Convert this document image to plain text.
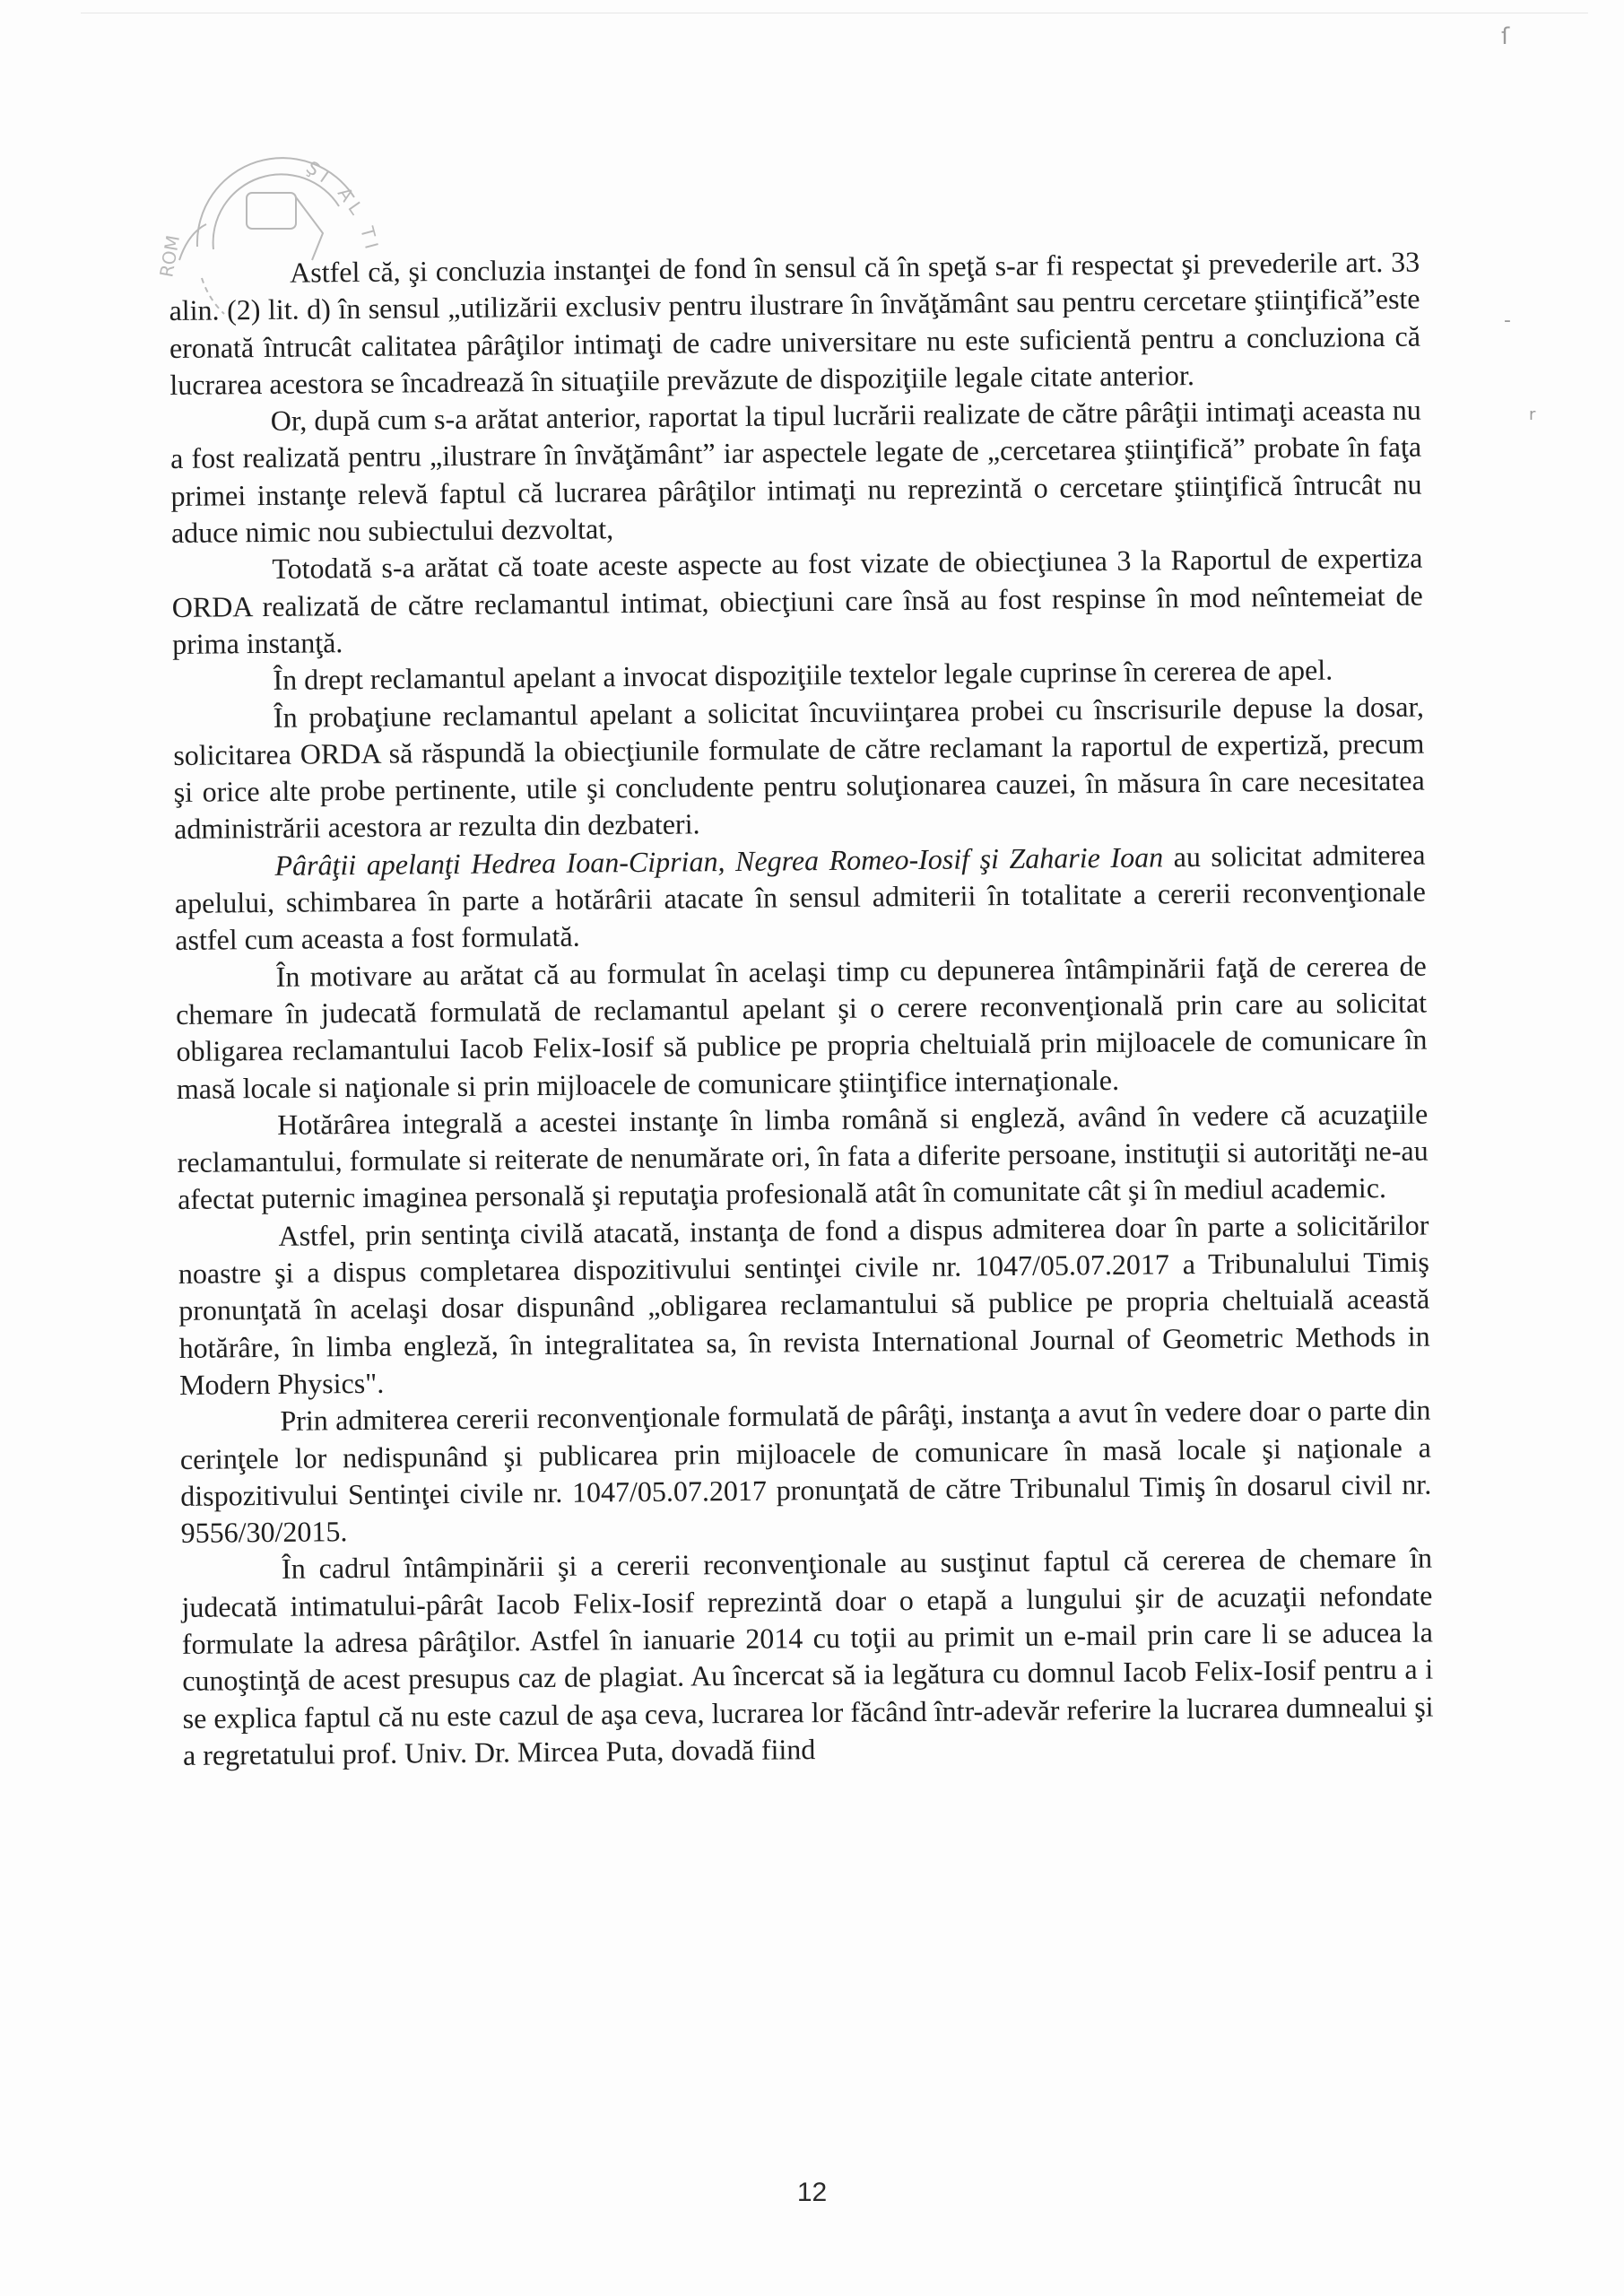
ſ
-
r
Ş I
A L
T I
ROM	Astfel că, şi concluzia instanţei de fond în sensul că în speţă s-ar fi respectat şi prevederile art. 33 alin. (2) lit. d) în sensul „utilizării exclusiv pentru ilustrare în învăţământ sau pentru cercetare ştiinţifică”este eronată întrucât calitatea pârâţilor intimaţi de cadre universitare nu este suficientă pentru a concluziona că lucrarea acestora se încadrează în situaţiile prevăzute de dispoziţiile legale citate anterior.

Or, după cum s-a arătat anterior, raportat la tipul lucrării realizate de către pârâţii intimaţi aceasta nu a fost realizată pentru „ilustrare în învăţământ” iar aspectele legate de „cercetarea ştiinţifică” probate în faţa primei instanţe relevă faptul că lucrarea pârâţilor intimaţi nu reprezintă o cercetare ştiinţifică întrucât nu aduce nimic nou subiectului dezvoltat,

Totodată s-a arătat că toate aceste aspecte au fost vizate de obiecţiunea 3 la Raportul de expertiza ORDA realizată de către reclamantul intimat, obiecţiuni care însă au fost respinse în mod neîntemeiat de prima instanţă.

În drept reclamantul apelant a invocat dispoziţiile textelor legale cuprinse în cererea de apel.

În probaţiune reclamantul apelant a solicitat încuviinţarea probei cu înscrisurile depuse la dosar, solicitarea ORDA să răspundă la obiecţiunile formulate de către reclamant la raportul de expertiză, precum şi orice alte probe pertinente, utile şi concludente pentru soluţionarea cauzei, în măsura în care necesitatea administrării acestora ar rezulta din dezbateri.

Pârâţii apelanţi Hedrea Ioan-Ciprian, Negrea Romeo-Iosif şi Zaharie Ioan au solicitat admiterea apelului, schimbarea în parte a hotărârii atacate în sensul admiterii în totalitate a cererii reconvenţionale astfel cum aceasta a fost formulată.

În motivare au arătat că au formulat în acelaşi timp cu depunerea întâmpinării faţă de cererea de chemare în judecată formulată de reclamantul apelant şi o cerere reconvenţională prin care au solicitat obligarea reclamantului Iacob Felix-Iosif să publice pe propria cheltuială prin mijloacele de comunicare în masă locale si naţionale si prin mijloacele de comunicare ştiinţifice internaţionale.

Hotărârea integrală a acestei instanţe în limba română si engleză, având în vedere că acuzaţiile reclamantului, formulate si reiterate de nenumărate ori, în fata a diferite persoane, instituţii si autorităţi ne-au afectat puternic imaginea personală şi reputaţia profesională atât în comunitate cât şi în mediul academic.

Astfel, prin sentinţa civilă atacată, instanţa de fond a dispus admiterea doar în parte a solicitărilor noastre şi a dispus completarea dispozitivului sentinţei civile nr. 1047/05.07.2017 a Tribunalului Timiş pronunţată în acelaşi dosar dispunând „obligarea reclamantului să publice pe propria cheltuială această hotărâre, în limba engleză, în integralitatea sa, în revista International Journal of Geometric Methods in Modern Physics".

Prin admiterea cererii reconvenţionale formulată de pârâţi, instanţa a avut în vedere doar o parte din cerinţele lor nedispunând şi publicarea prin mijloacele de comunicare în masă locale şi naţionale a dispozitivului Sentinţei civile nr. 1047/05.07.2017 pronunţată de către Tribunalul Timiş în dosarul civil nr. 9556/30/2015.

În cadrul întâmpinării şi a cererii reconvenţionale au susţinut faptul că cererea de chemare în judecată intimatului-pârât Iacob Felix-Iosif reprezintă doar o etapă a lungului şir de acuzaţii nefondate formulate la adresa pârâţilor. Astfel în ianuarie 2014 cu toţii au primit un e-mail prin care li se aducea la cunoştinţă de acest presupus caz de plagiat. Au încercat să ia legătura cu domnul Iacob Felix-Iosif pentru a i se explica faptul că nu este cazul de aşa ceva, lucrarea lor făcând într-adevăr referire la lucrarea dumnealui şi a regretatului prof. Univ. Dr. Mircea Puta, dovadă fiind

12
